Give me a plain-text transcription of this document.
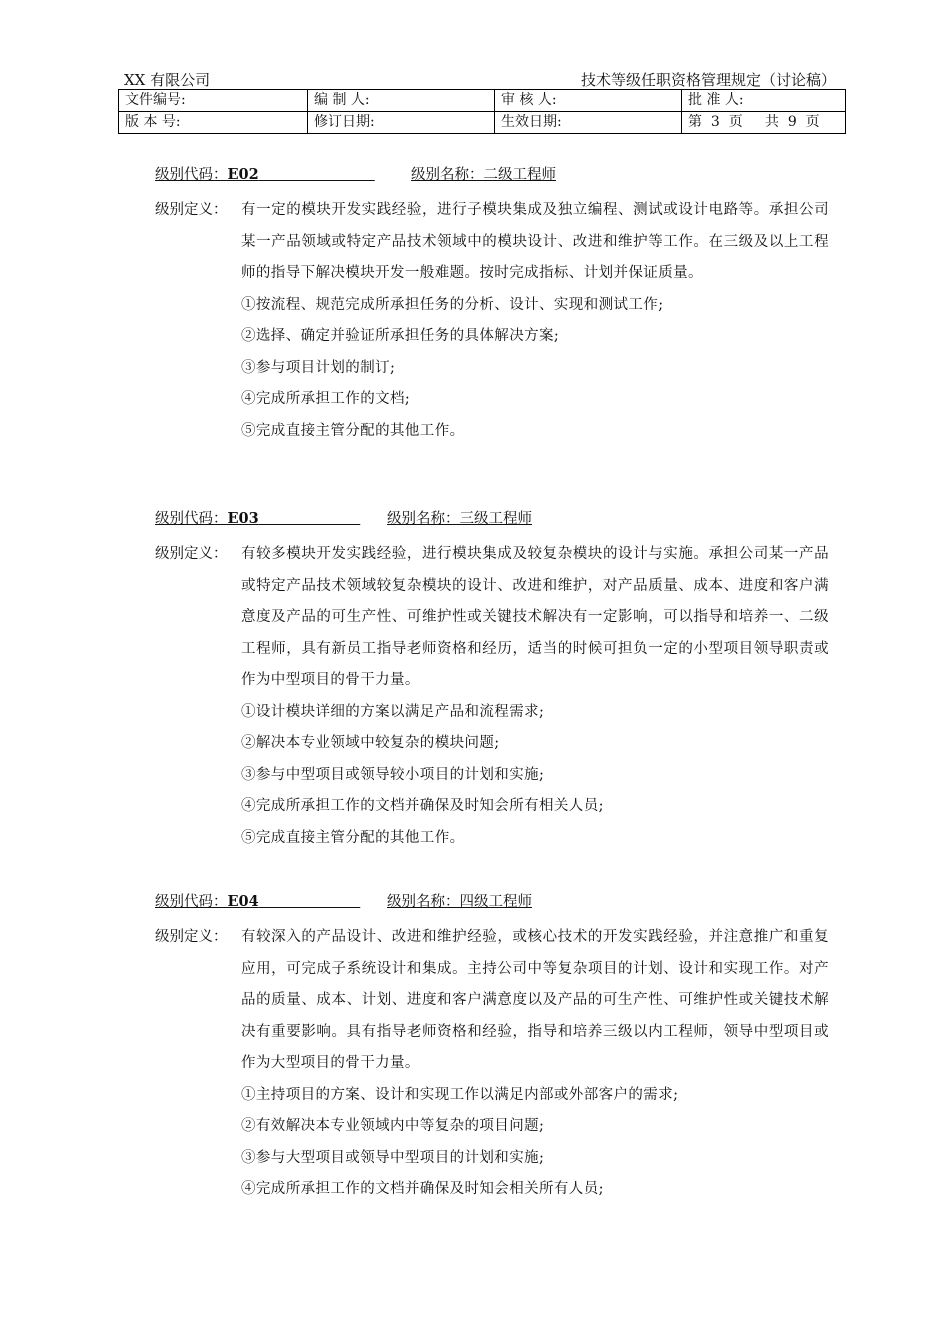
XX 有限公司	技术等级任职资格管理规定（讨论稿）
文件编号:	编 制 人:	审 核 人:	批 准 人:
版 本 号:	修订日期:	生效日期:	第  3  页     共  9  页
级别代码：E02        	级别名称：二级工程师
级别定义： 有一定的模块开发实践经验，进行子模块集成及独立编程、测试或设计电路等。承担公司某一产品领域或特定产品技术领域中的模块设计、改进和维护等工作。在三级及以上工程师的指导下解决模块开发一般难题。按时完成指标、计划并保证质量。

①按流程、规范完成所承担任务的分析、设计、实现和测试工作;

②选择、确定并验证所承担任务的具体解决方案;

③参与项目计划的制订;

④完成所承担工作的文档;

⑤完成直接主管分配的其他工作。

级别代码：E03       	级别名称：三级工程师
级别定义： 有较多模块开发实践经验，进行模块集成及较复杂模块的设计与实施。承担公司某一产品或特定产品技术领域较复杂模块的设计、改进和维护，对产品质量、成本、进度和客户满意度及产品的可生产性、可维护性或关键技术解决有一定影响，可以指导和培养一、二级工程师，具有新员工指导老师资格和经历，适当的时候可担负一定的小型项目领导职责或作为中型项目的骨干力量。

①设计模块详细的方案以满足产品和流程需求;

②解决本专业领域中较复杂的模块问题;

③参与中型项目或领导较小项目的计划和实施;

④完成所承担工作的文档并确保及时知会所有相关人员;

⑤完成直接主管分配的其他工作。

级别代码：E04       	级别名称：四级工程师
级别定义： 有较深入的产品设计、改进和维护经验，或核心技术的开发实践经验，并注意推广和重复应用，可完成子系统设计和集成。主持公司中等复杂项目的计划、设计和实现工作。对产品的质量、成本、计划、进度和客户满意度以及产品的可生产性、可维护性或关键技术解决有重要影响。具有指导老师资格和经验，指导和培养三级以内工程师，领导中型项目或作为大型项目的骨干力量。

①主持项目的方案、设计和实现工作以满足内部或外部客户的需求;

②有效解决本专业领域内中等复杂的项目问题;

③参与大型项目或领导中型项目的计划和实施;

④完成所承担工作的文档并确保及时知会相关所有人员;
